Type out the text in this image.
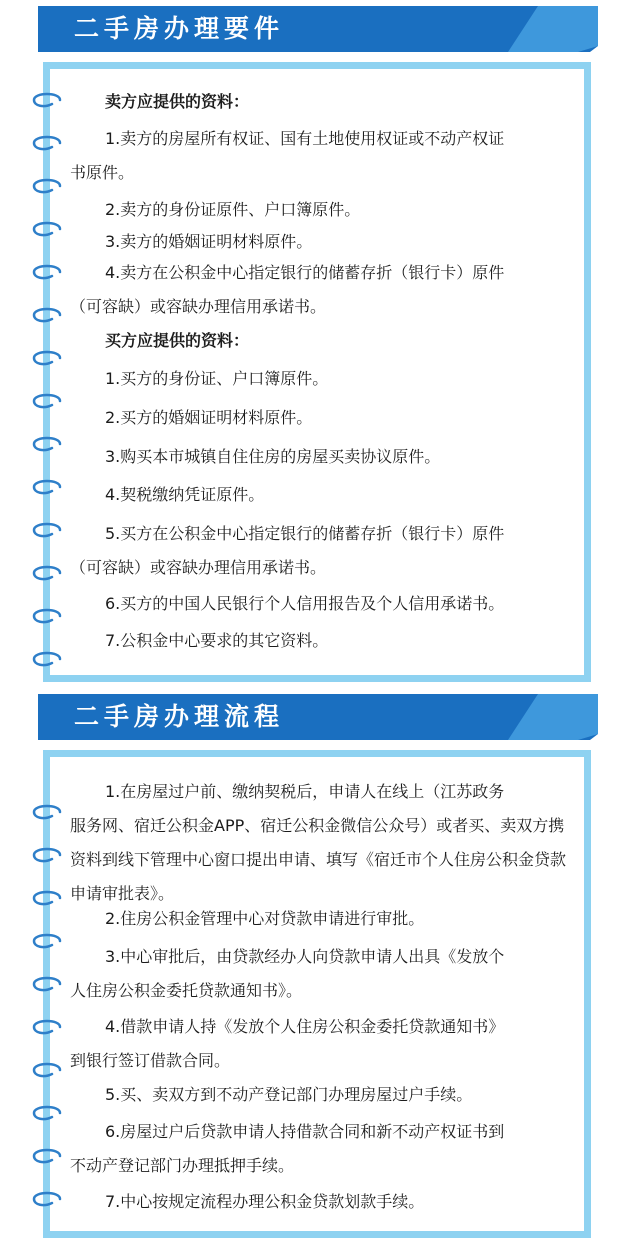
二手房办理要件
卖方应提供的资料：
1.卖方的房屋所有权证、国有土地使用权证或不动产权证
书原件。
2.卖方的身份证原件、户口簿原件。
3.卖方的婚姻证明材料原件。
4.卖方在公积金中心指定银行的储蓄存折（银行卡）原件
（可容缺）或容缺办理信用承诺书。
买方应提供的资料：
1.买方的身份证、户口簿原件。
2.买方的婚姻证明材料原件。
3.购买本市城镇自住住房的房屋买卖协议原件。
4.契税缴纳凭证原件。
5.买方在公积金中心指定银行的储蓄存折（银行卡）原件
（可容缺）或容缺办理信用承诺书。
6.买方的中国人民银行个人信用报告及个人信用承诺书。
7.公积金中心要求的其它资料。
二手房办理流程
1.在房屋过户前、缴纳契税后，申请人在线上（江苏政务
服务网、宿迁公积金APP、宿迁公积金微信公众号）或者买、卖双方携资料到线下管理中心窗口提出申请、填写《宿迁市个人住房公积金贷款申请审批表》。
2.住房公积金管理中心对贷款申请进行审批。
3.中心审批后，由贷款经办人向贷款申请人出具《发放个
人住房公积金委托贷款通知书》。
4.借款申请人持《发放个人住房公积金委托贷款通知书》
到银行签订借款合同。
5.买、卖双方到不动产登记部门办理房屋过户手续。
6.房屋过户后贷款申请人持借款合同和新不动产权证书到
不动产登记部门办理抵押手续。
7.中心按规定流程办理公积金贷款划款手续。
